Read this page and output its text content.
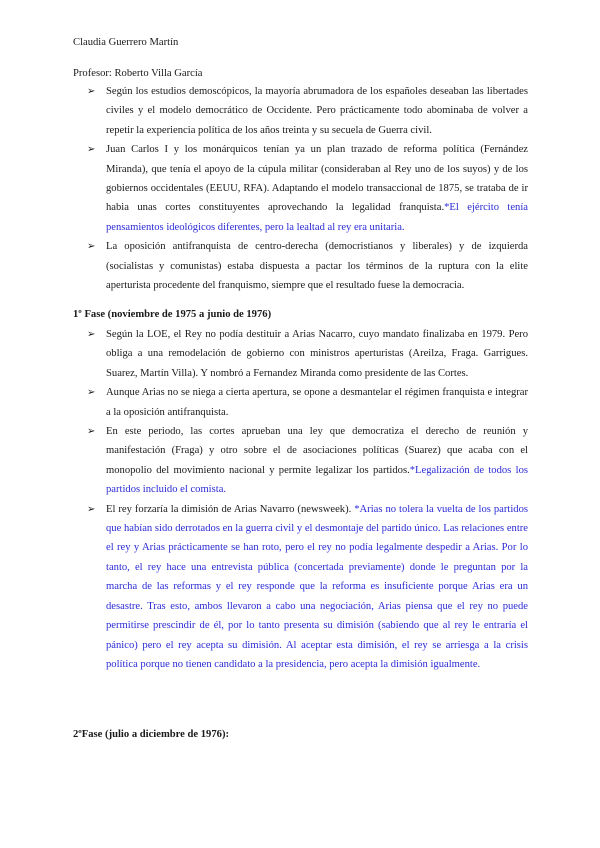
Claudia Guerrero Martín
Profesor: Roberto Villa García
➢ Según los estudios demoscópicos, la mayoría abrumadora de los españoles deseaban las libertades civiles y el modelo democrático de Occidente. Pero prácticamente todo abominaba de volver a repetir la experiencia política de los años treinta y su secuela de Guerra civil.
➢ Juan Carlos I y los monárquicos tenían ya un plan trazado de reforma política (Fernández Miranda), que tenía el apoyo de la cúpula militar (consideraban al Rey uno de los suyos) y de los gobiernos occidentales (EEUU, RFA). Adaptando el modelo transaccional de 1875, se trataba de ir habia unas cortes constituyentes aprovechando la legalidad franquista.*El ejército tenía pensamientos ideológicos diferentes, pero la lealtad al rey era unitaria.
➢ La oposición antifranquista de centro-derecha (democristianos y liberales) y de izquierda (socialistas y comunistas) estaba dispuesta a pactar los términos de la ruptura con la elite aperturista procedente del franquismo, siempre que el resultado fuese la democracia.
1º Fase (noviembre de 1975 a junio de 1976)
➢ Según la LOE, el Rey no podía destituir a Arias Nacarro, cuyo mandato finalizaba en 1979. Pero obliga a una remodelación de gobierno con ministros aperturistas (Areilza, Fraga. Garrigues. Suarez, Martín Villa). Y nombró a Fernandez Miranda como presidente de las Cortes.
➢ Aunque Arias no se niega a cierta apertura, se opone a desmantelar el régimen franquista e integrar a la oposición antifranquista.
➢ En este periodo, las cortes aprueban una ley que democratiza el derecho de reunión y manifestación (Fraga) y otro sobre el de asociaciones políticas (Suarez) que acaba con el monopolio del movimiento nacional y permite legalizar los partidos.*Legalización de todos los partidos incluido el comista.
➢ El rey forzaría la dimisión de Arias Navarro (newsweek). *Arias no tolera la vuelta de los partidos que habían sido derrotados en la guerra civil y el desmontaje del partido único. Las relaciones entre el rey y Arias prácticamente se han roto, pero el rey no podía legalmente despedir a Arias. Por lo tanto, el rey hace una entrevista pública (concertada previamente) donde le preguntan por la marcha de las reformas y el rey responde que la reforma es insuficiente porque Arias era un desastre. Tras esto, ambos llevaron a cabo una negociación, Arias piensa que el rey no puede permitirse prescindir de él, por lo tanto presenta su dimisión (sabiendo que al rey le entraría el pánico) pero el rey acepta su dimisión. Al aceptar esta dimisión, el rey se arriesga a la crisis política porque no tienen candidato a la presidencia, pero acepta la dimisión igualmente.
2ºFase (julio a diciembre de 1976):
